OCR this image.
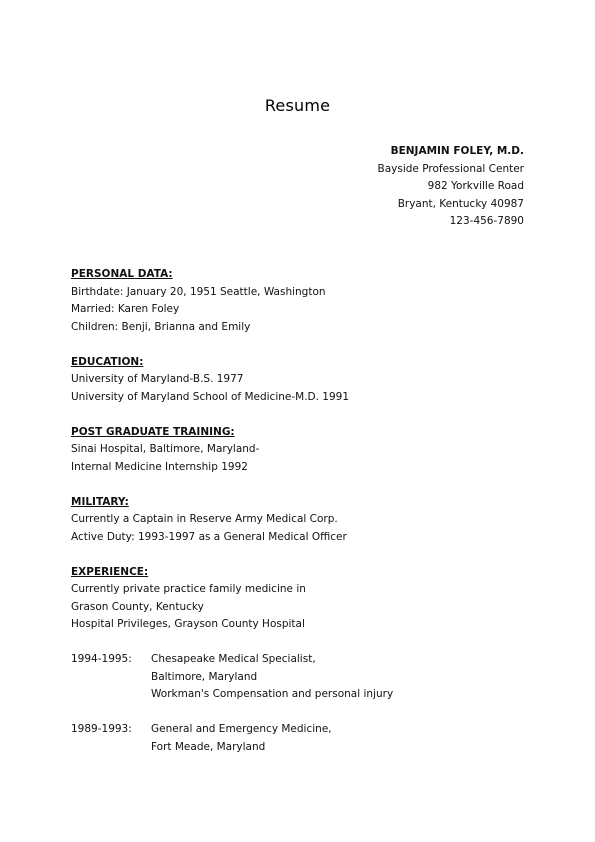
Resume
BENJAMIN FOLEY, M.D.
Bayside Professional Center
982 Yorkville Road
Bryant, Kentucky 40987
123-456-7890
PERSONAL DATA:
Birthdate: January 20, 1951 Seattle, Washington
Married: Karen Foley
Children: Benji, Brianna and Emily
EDUCATION:
University of Maryland-B.S. 1977
University of Maryland School of Medicine-M.D. 1991
POST GRADUATE TRAINING:
Sinai Hospital, Baltimore, Maryland-
Internal Medicine Internship 1992
MILITARY:
Currently a Captain in Reserve Army Medical Corp.
Active Duty: 1993-1997 as a General Medical Officer
EXPERIENCE:
Currently private practice family medicine in
Grason County, Kentucky
Hospital Privileges, Grayson County Hospital
1994-1995:	Chesapeake Medical Specialist,
Baltimore, Maryland
Workman's Compensation and personal injury
1989-1993:	General and Emergency Medicine,
Fort Meade, Maryland
